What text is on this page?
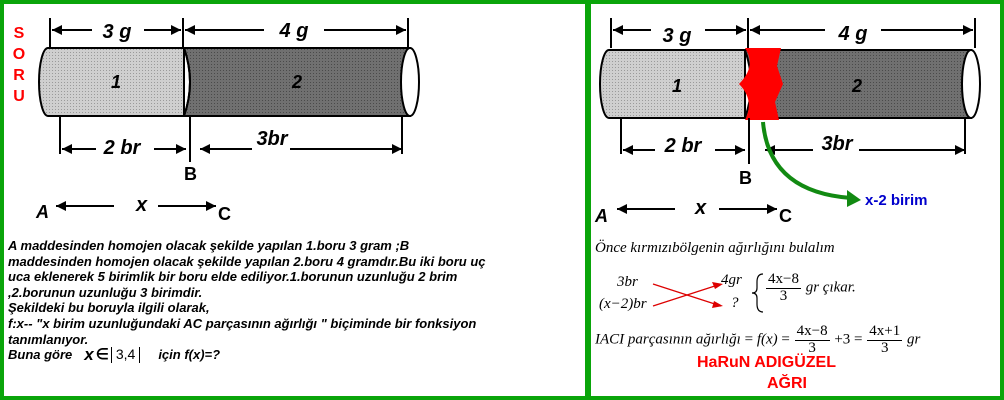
S
O
R
U
3 g	4 g
1	2
2 br	3br
B
A	C
x

A maddesinden homojen olacak şekilde yapılan 1.boru 3 gram ;B
maddesinden homojen olacak şekilde yapılan 2.boru 4 gramdır.Bu iki boru uç
uca eklenerek 5 birimlik bir boru elde ediliyor.1.borunun uzunluğu 2 brim
,2.borunun uzunluğu 3 birimdir.
Şekildeki bu boruyla ilgili olarak,
f:x-- "x birim uzunluğundaki AC parçasının ağırlığı " biçiminde bir fonksiyon
tanımlanıyor.
Buna göre x ∈ 3,4	için f(x)=?

3 g	4 g
1	2
2 br	3br
B
A	C
x	x-2 birim
Önce kırmızıbölgenin ağırlığını bulalım
3br	4gr
(x−2)br	? $\frac{4x-8}{3}$ gr çıkar.
IACI parçasının ağırlığı = $f(x) = \frac{4x-8}{3} +3 = \frac{4x+1}{3}$ gr
HaRuN ADIGÜZEL
AĞRI
